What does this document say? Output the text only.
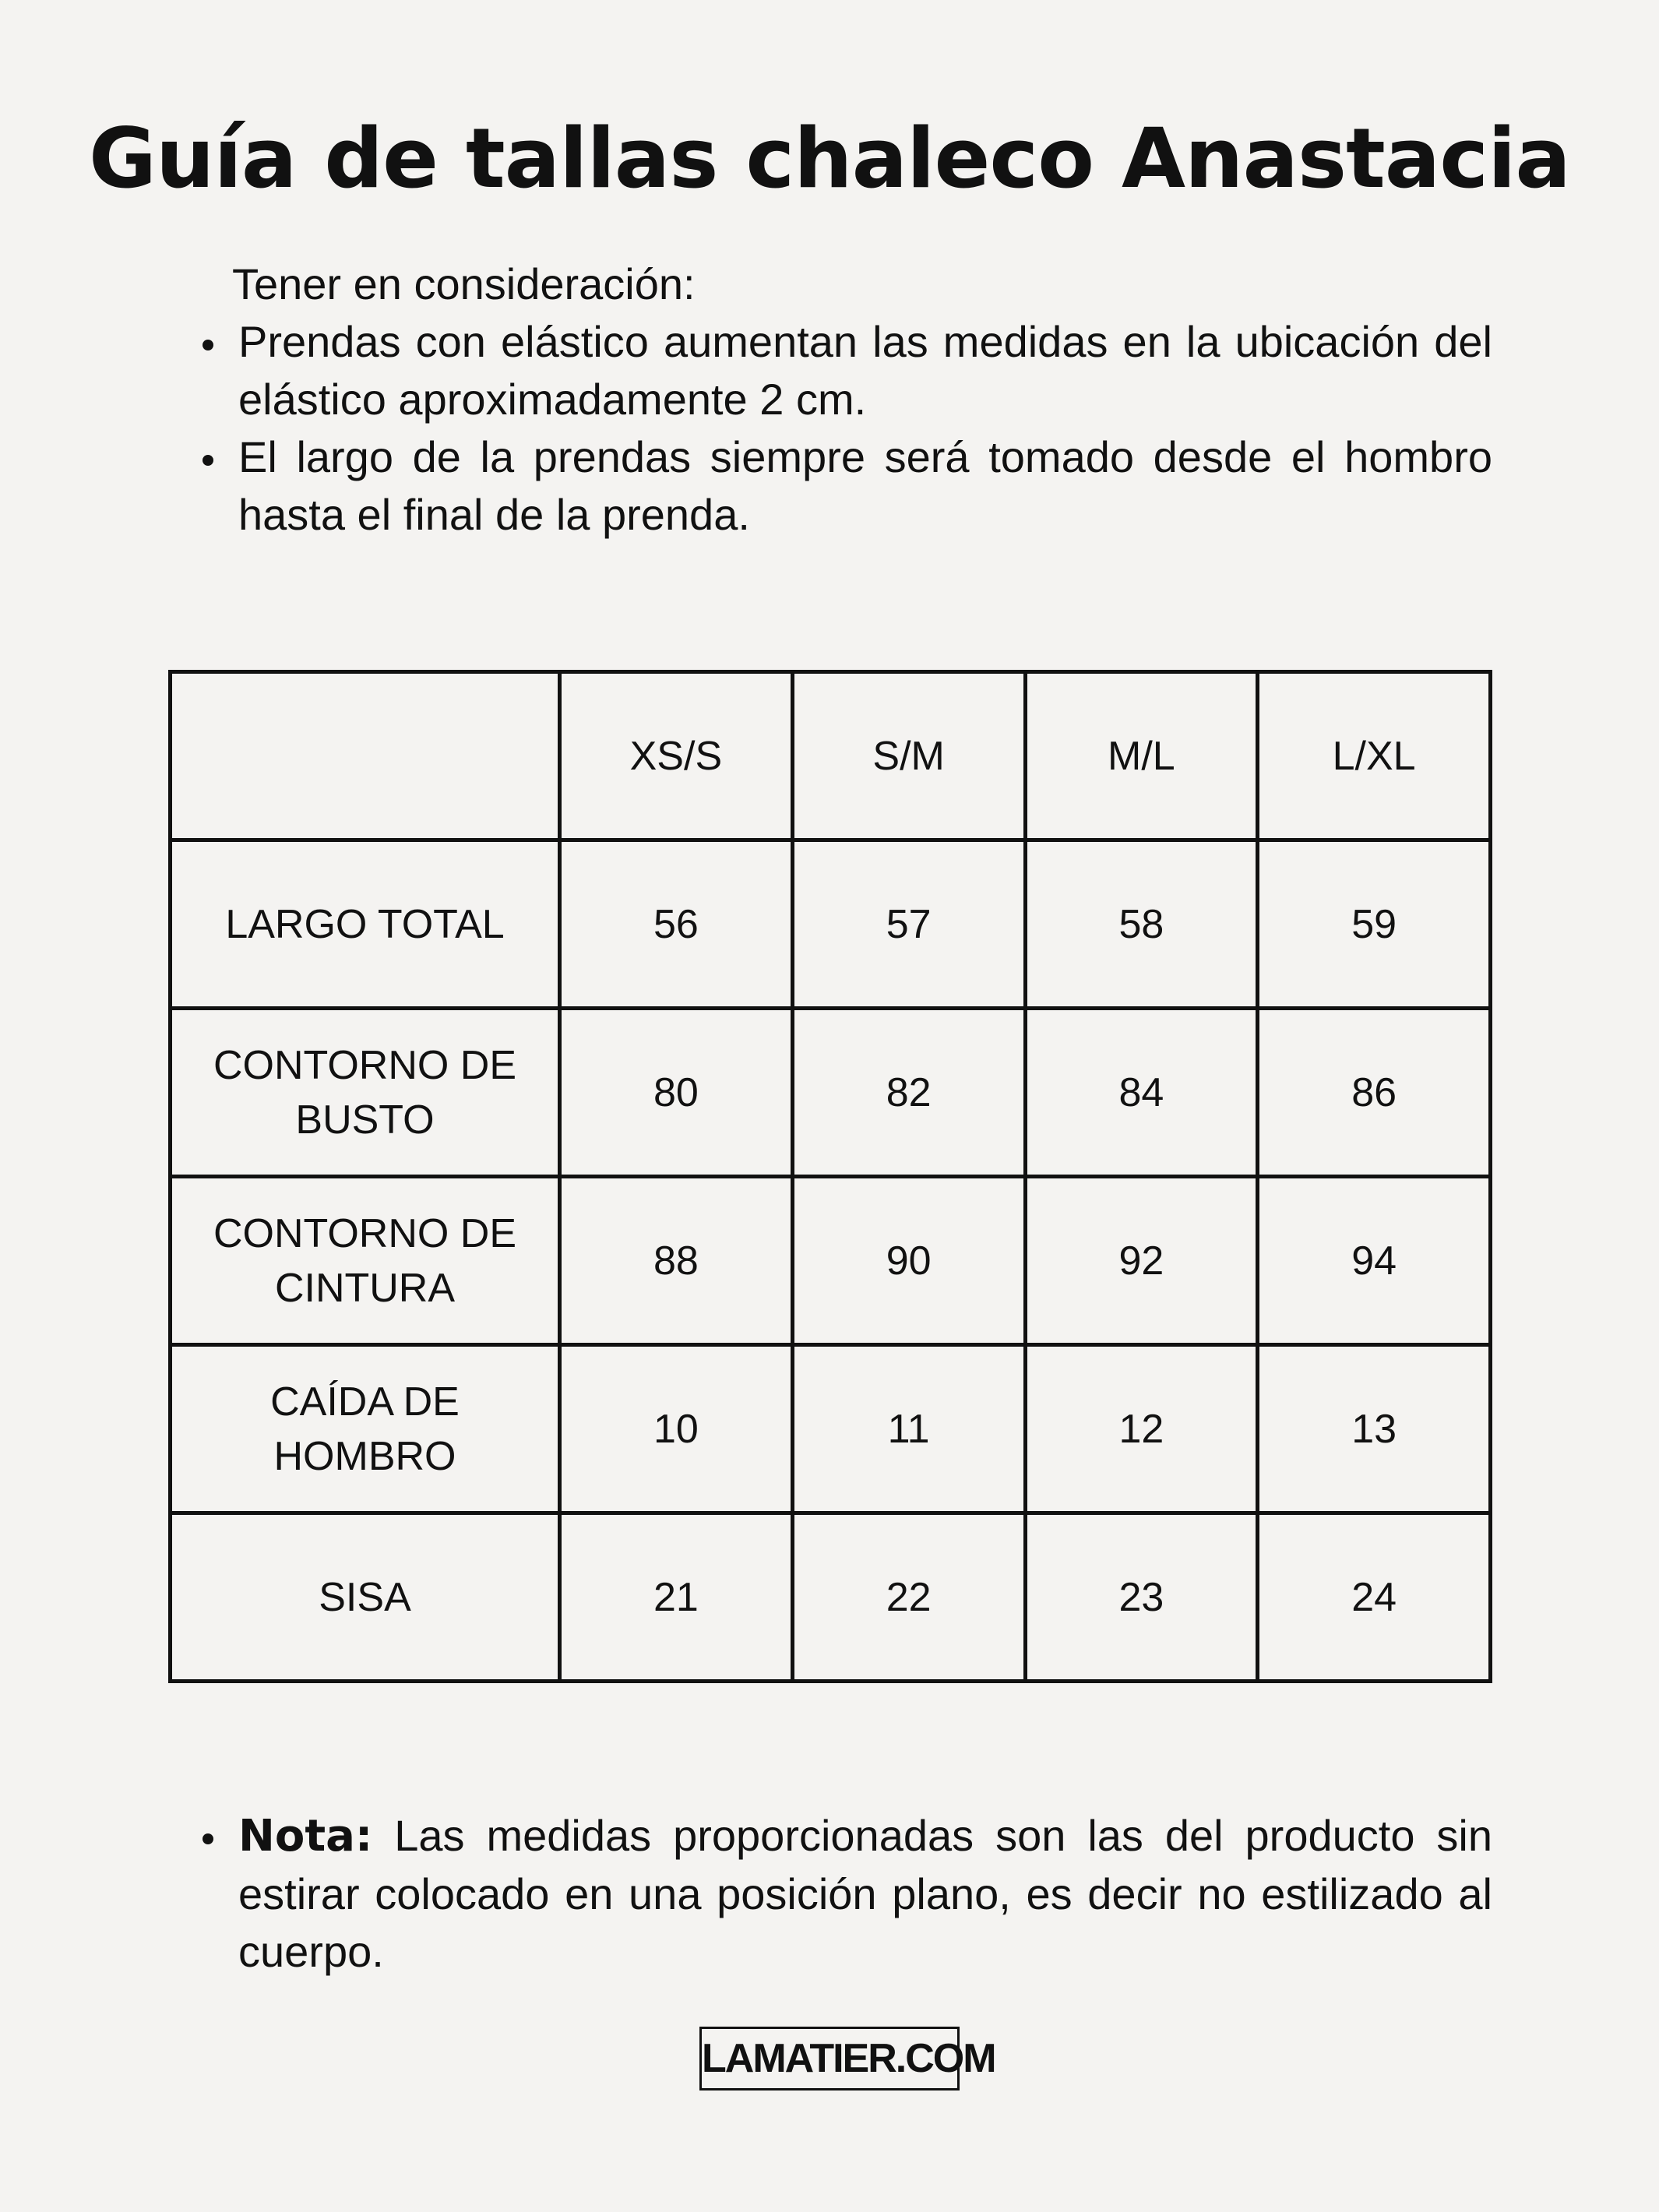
Guía de tallas chaleco Anastacia

Tener en consideración:

Prendas con elástico aumentan las medidas en la ubicación del elástico aproximadamente 2 cm.
El largo de la prendas siempre será tomado desde el hombro hasta el final de la prenda.
	XS/S	S/M	M/L	L/XL
LARGO TOTAL	56	57	58	59
CONTORNO DE BUSTO	80	82	84	86
CONTORNO DE CINTURA	88	90	92	94
CAÍDA DE HOMBRO	10	11	12	13
SISA	21	22	23	24
Nota: Las medidas proporcionadas son las del producto sin estirar colocado en una posición plano, es decir no estilizado al cuerpo.
LAMATIER.COM
